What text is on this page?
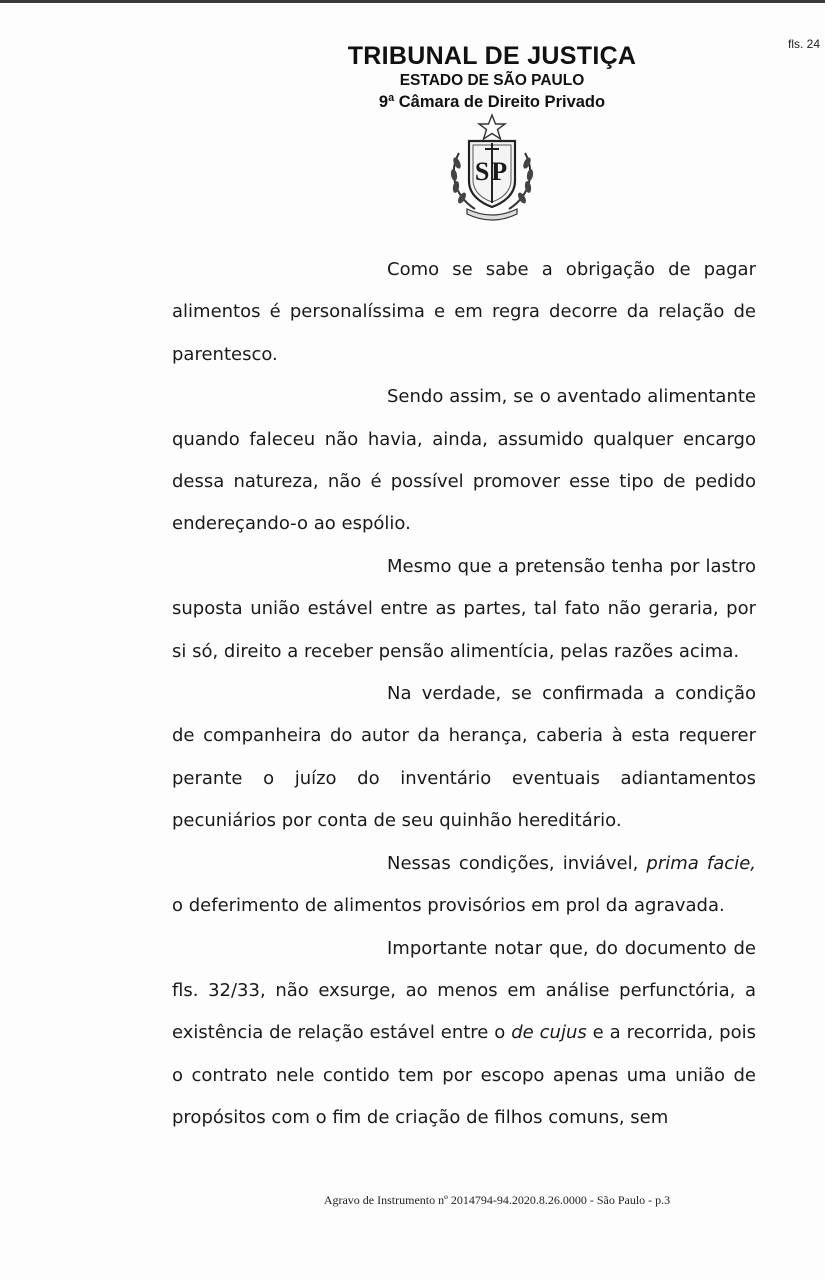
fls. 24
TRIBUNAL DE JUSTIÇA
ESTADO DE SÃO PAULO
9ª Câmara de Direito Privado
SP

Como se sabe a obrigação de pagar alimentos é personalíssima e em regra decorre da relação de parentesco.

Sendo assim, se o aventado alimentante quando faleceu não havia, ainda, assumido qualquer encargo dessa natureza, não é possível promover esse tipo de pedido endereçando-o ao espólio.

Mesmo que a pretensão tenha por lastro suposta união estável entre as partes, tal fato não geraria, por si só, direito a receber pensão alimentícia, pelas razões acima.

Na verdade, se confirmada a condição de companheira do autor da herança, caberia à esta requerer perante o juízo do inventário eventuais adiantamentos pecuniários por conta de seu quinhão hereditário.

Nessas condições, inviável, prima facie, o deferimento de alimentos provisórios em prol da agravada.

Importante notar que, do documento de fls. 32/33, não exsurge, ao menos em análise perfunctória, a existência de relação estável entre o de cujus e a recorrida, pois o contrato nele contido tem por escopo apenas uma união de propósitos com o fim de criação de filhos comuns, sem

Agravo de Instrumento nº 2014794-94.2020.8.26.0000 - São Paulo - p.3
